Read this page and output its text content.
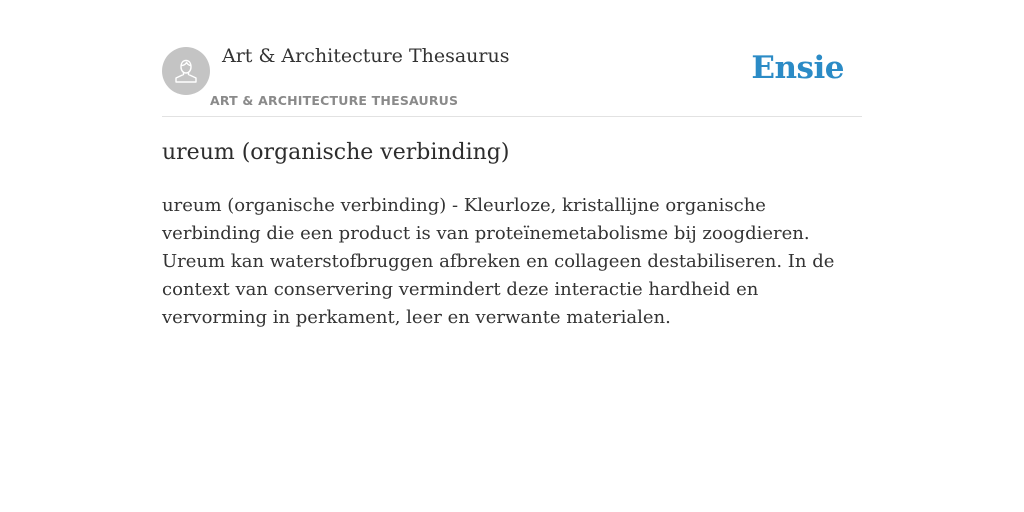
Art & Architecture Thesaurus
ART & ARCHITECTURE THESAURUS
Ensie
ureum (organische verbinding)

ureum (organische verbinding) - Kleurloze, kristallijne organische verbinding die een product is van proteïnemetabolisme bij zoogdieren. Ureum kan waterstofbruggen afbreken en collageen destabiliseren. In de context van conservering vermindert deze interactie hardheid en vervorming in perkament, leer en verwante materialen.
